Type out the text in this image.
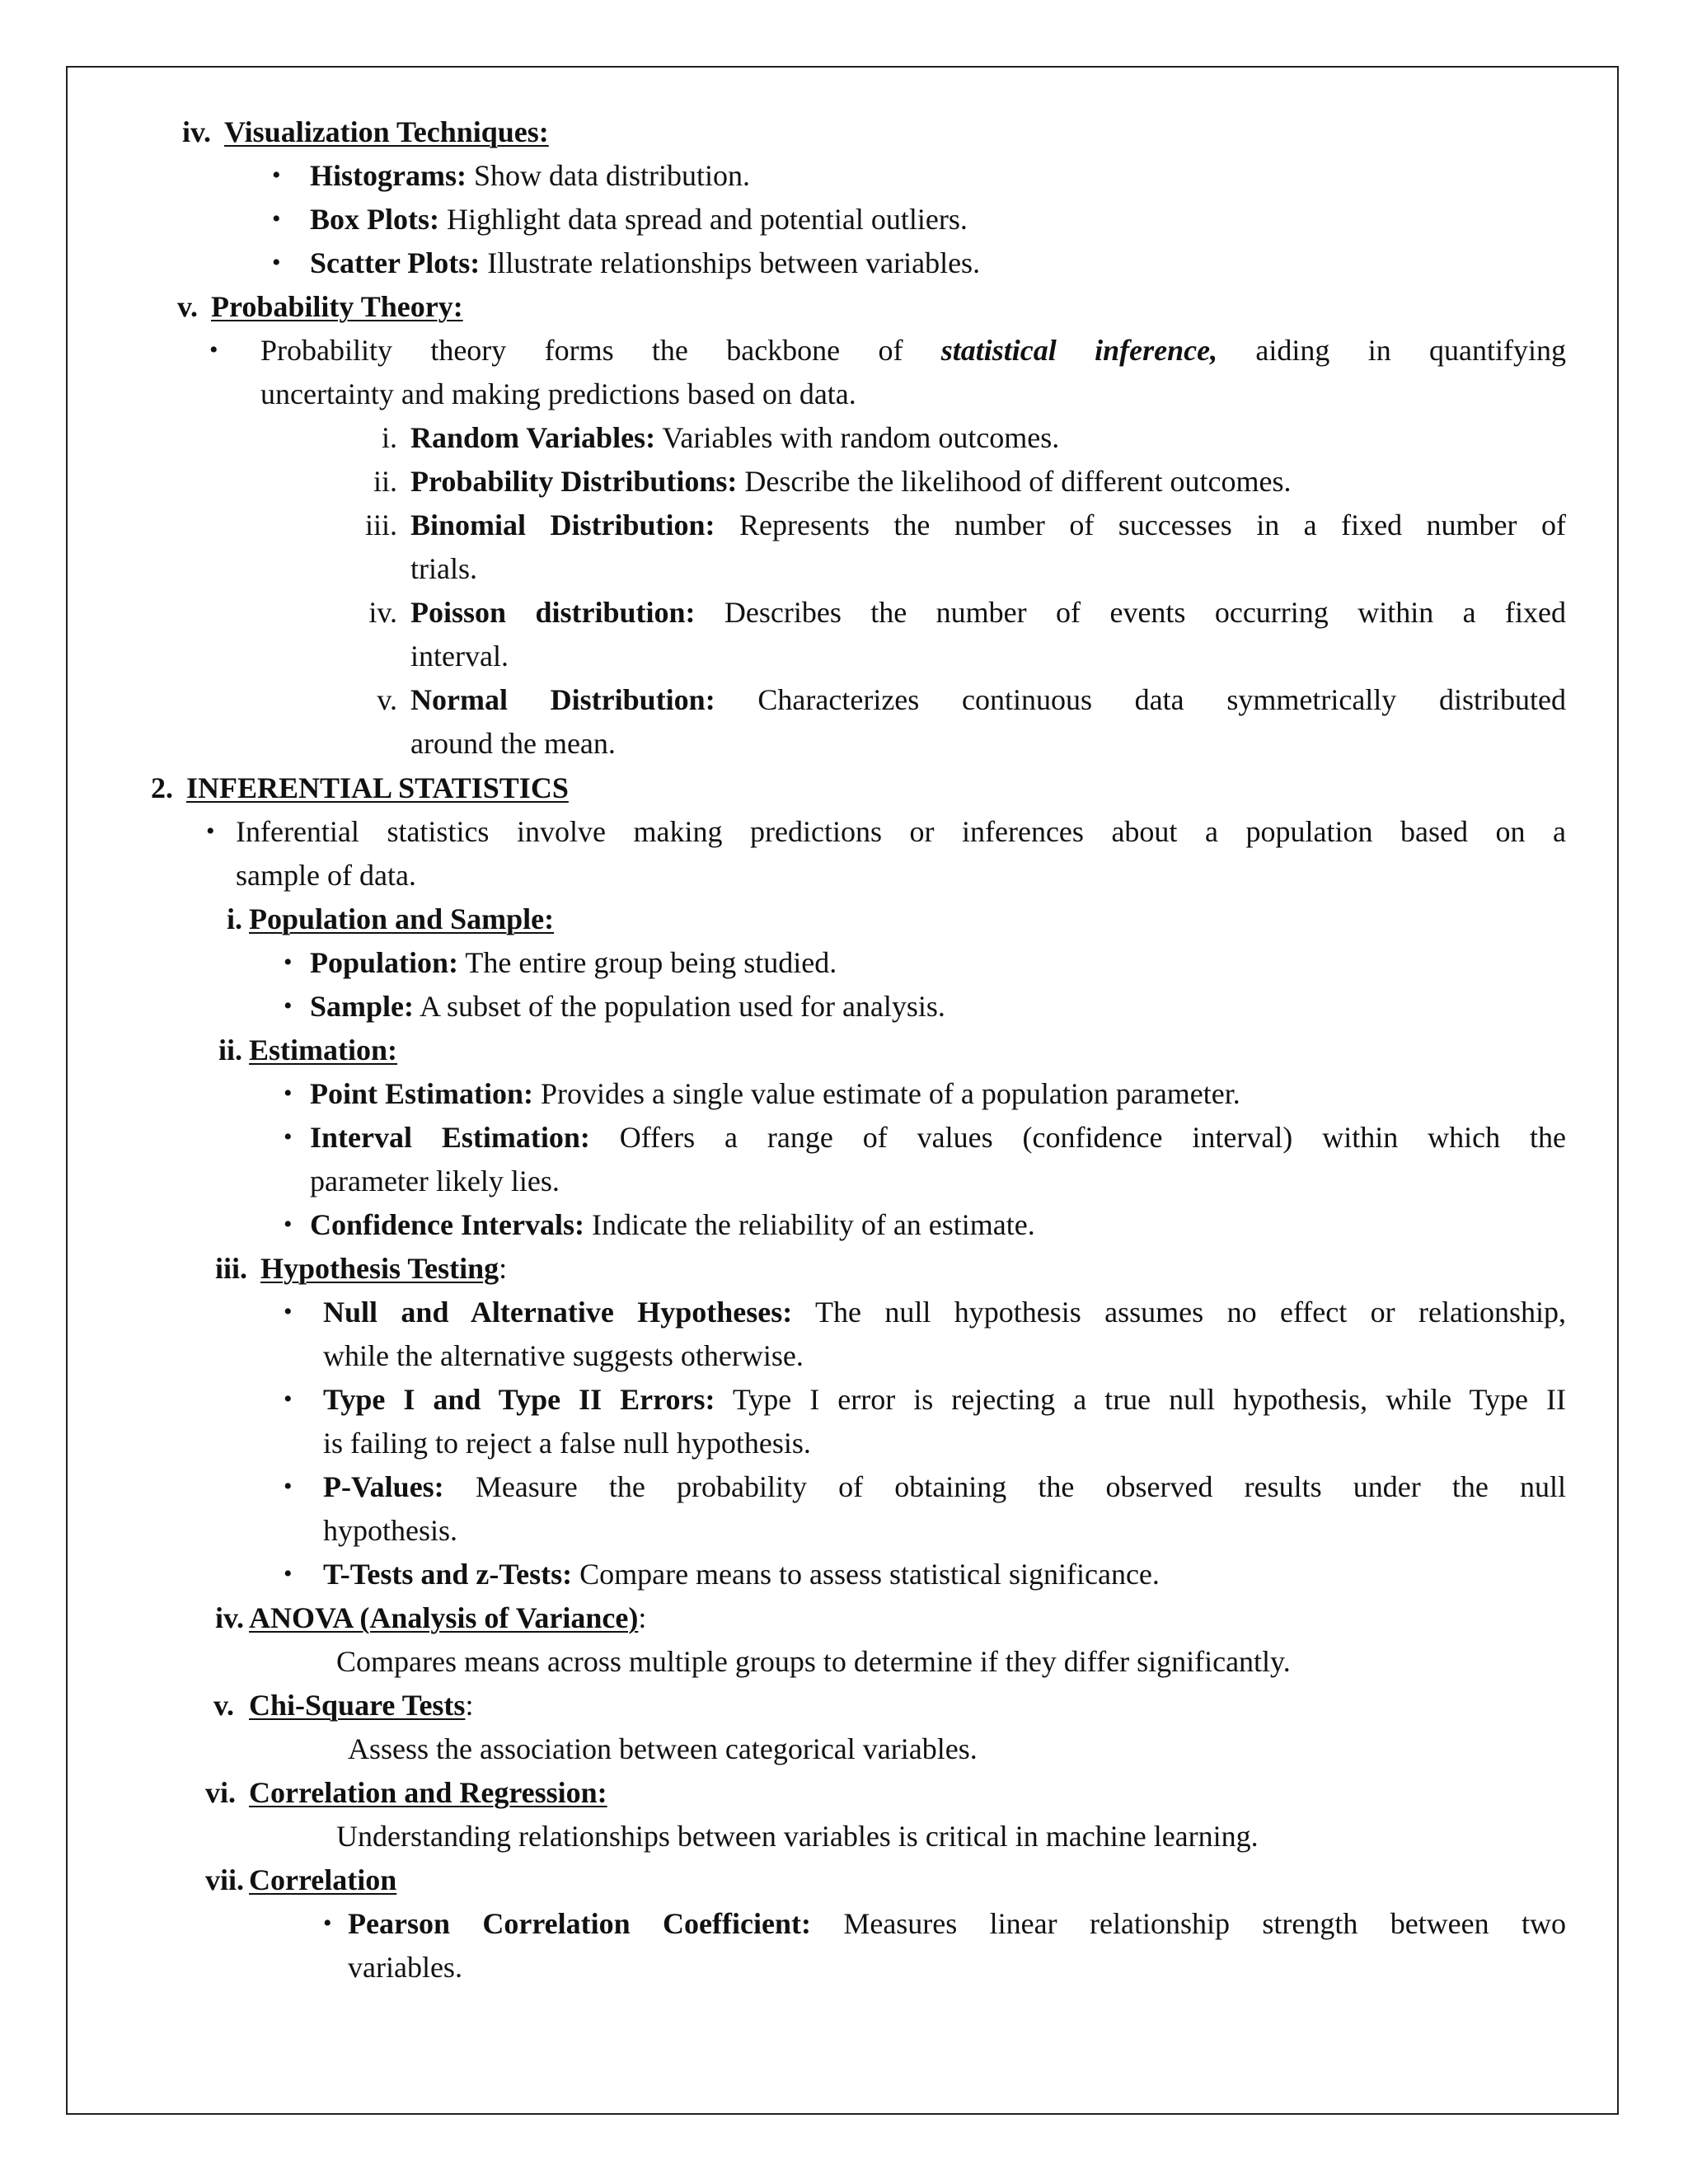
iv. Visualization Techniques:
• Histograms: Show data distribution.
• Box Plots: Highlight data spread and potential outliers.
• Scatter Plots: Illustrate relationships between variables.
v. Probability Theory:
• Probability theory forms the backbone of statistical inference, aiding in quantifying
uncertainty and making predictions based on data.
i. Random Variables: Variables with random outcomes.
ii. Probability Distributions: Describe the likelihood of different outcomes.
iii. Binomial Distribution: Represents the number of successes in a fixed number of
trials.
iv. Poisson distribution: Describes the number of events occurring within a fixed
interval.
v. Normal Distribution: Characterizes continuous data symmetrically distributed
around the mean.
2. INFERENTIAL STATISTICS
• Inferential statistics involve making predictions or inferences about a population based on a
sample of data.
i. Population and Sample:
• Population: The entire group being studied.
• Sample: A subset of the population used for analysis.
ii. Estimation:
• Point Estimation: Provides a single value estimate of a population parameter.
• Interval Estimation: Offers a range of values (confidence interval) within which the
parameter likely lies.
• Confidence Intervals: Indicate the reliability of an estimate.
iii. Hypothesis Testing:
• Null and Alternative Hypotheses: The null hypothesis assumes no effect or relationship,
while the alternative suggests otherwise.
• Type I and Type II Errors: Type I error is rejecting a true null hypothesis, while Type II
is failing to reject a false null hypothesis.
• P-Values: Measure the probability of obtaining the observed results under the null
hypothesis.
• T-Tests and z-Tests: Compare means to assess statistical significance.
iv. ANOVA (Analysis of Variance):
Compares means across multiple groups to determine if they differ significantly.
v. Chi-Square Tests:
Assess the association between categorical variables.
vi. Correlation and Regression:
Understanding relationships between variables is critical in machine learning.
vii. Correlation
• Pearson Correlation Coefficient: Measures linear relationship strength between two
variables.
